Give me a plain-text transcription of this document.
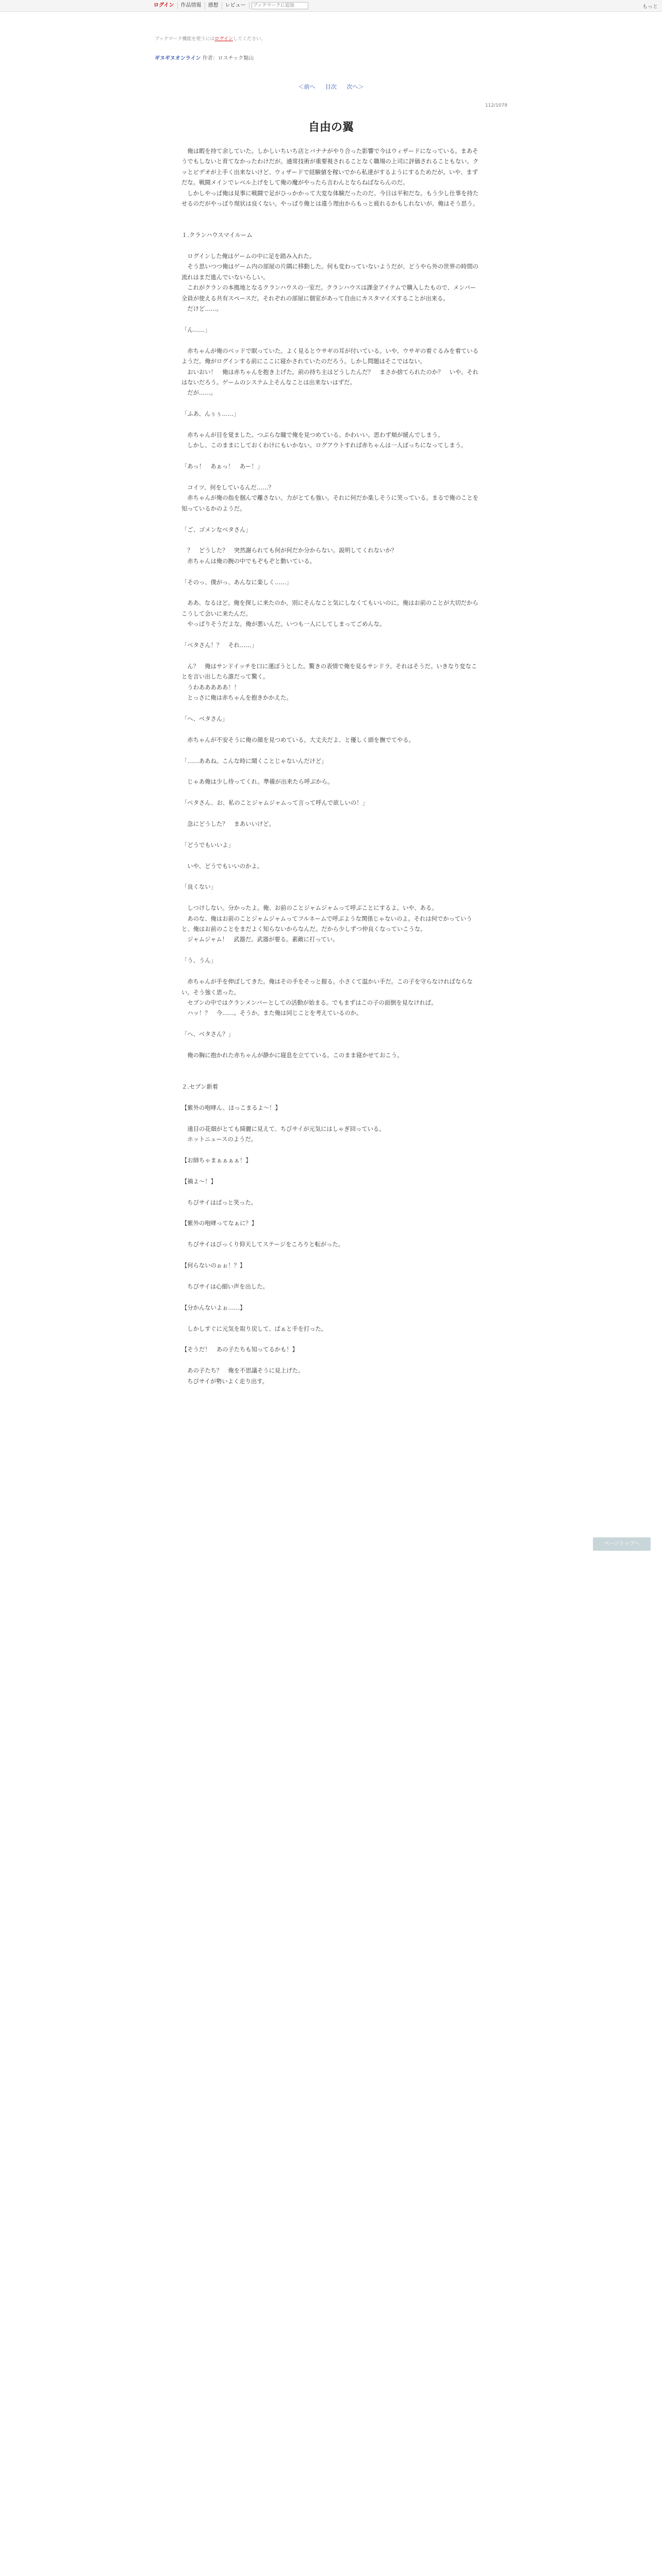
ログイン	作品情報	感想	レビュー
ブックマークに追加	もっと
ブックマーク機能を使うにはログインしてください。
ギヌギヌオンライン 作者：ロスチック類山
＜前へ 目次 次へ＞
112/1079
自由の翼

　俺は暇を持て余していた。しかしいちいち店とバナナがやり合った影響で今はウィザードになっている。まあそうでもしないと育てなかったわけだが。通常技術が重要視されることなく職場の上司に評価されることもない。クッとビデオが上手く出来ないけど、ウィザードで経験値を稼いでから私達がするようにするためだが。いや、まずだな。戦闘メインでレベル上げをして俺の魔がやったら言わんとならねばならんのだ。

　しかしやっぱ俺は見事に戦闘で足がひっかかって大変な体験だったのだ。今日は平和だな。もう少し仕事を持たせるのだがやっぱり現状は良くない。やっぱり俺とは違う理由からもっと疲れるかもしれないが、俺はそう思う。

１.クランハウスマイルーム

　ログインした俺はゲームの中に足を踏み入れた。

　そう思いつつ俺はゲーム内の部屋の片隅に移動した。何も変わっていないようだが、どうやら外の世界の時間の流れはまだ進んでいないらしい。

　これがクランの本拠地となるクランハウスの一室だ。クランハウスは課金アイテムで購入したもので、メンバー全員が使える共有スペースだ。それぞれの部屋に個室があって自由にカスタマイズすることが出来る。

　だけど……。

「ん……」

　赤ちゃんが俺のベッドで眠っていた。よく見るとウサギの耳が付いている。いや、ウサギの着ぐるみを着ているようだ。俺がログインする前にここに寝かされていたのだろう。しかし問題はそこではない。

　おいおい！　俺は赤ちゃんを抱き上げた。前の持ち主はどうしたんだ？　まさか捨てられたのか？　いや、それはないだろう。ゲームのシステム上そんなことは出来ないはずだ。

　だが……。

「ふあ、んぅぅ……」

　赤ちゃんが目を覚ました。つぶらな瞳で俺を見つめている。かわいい。思わず頬が緩んでしまう。

　しかし、このままにしておくわけにもいかない。ログアウトすれば赤ちゃんは一人ぼっちになってしまう。

「あっ！　あぁっ！　あー！」

　コイツ、何をしているんだ……？

　赤ちゃんが俺の指を掴んで離さない。力がとても強い。それに何だか楽しそうに笑っている。まるで俺のことを知っているかのようだ。

「ご、ゴメンなベタさん」

　？　どうした？　突然謝られても何が何だか分からない。説明してくれないか？

　赤ちゃんは俺の腕の中でもぞもぞと動いている。

「そのっ、僕がっ、あんなに楽しく……」

　ああ、なるほど。俺を探しに来たのか。別にそんなこと気にしなくてもいいのに。俺はお前のことが大切だからこうして会いに来たんだ。

　やっぱりそうだよな。俺が悪いんだ。いつも一人にしてしまってごめんな。

「ベタさん！？　それ……」

　ん？　俺はサンドイッチを口に運ぼうとした。驚きの表情で俺を見るサンドラ。それはそうだ。いきなり変なことを言い出したら誰だって驚く。

　うわあああああ！！

　とっさに俺は赤ちゃんを抱きかかえた。

「へ、ベタさん」

　赤ちゃんが不安そうに俺の顔を見つめている。大丈夫だよ、と優しく頭を撫でてやる。

「……ああね。こんな時に聞くことじゃないんだけど」

　じゃあ俺は少し待ってくれ。準備が出来たら呼ぶから。

「ベタさん、お、私のことジャムジャムって言って呼んで欲しいの！」

　急にどうした？　まあいいけど。

「どうでもいいよ」

　いや、どうでもいいのかよ。

「良くない」

　しつけしない。分かったよ。俺、お前のことジャムジャムって呼ぶことにするよ。いや、ある。

　あのな、俺はお前のことジャムジャムってフルネームで呼ぶような関係じゃないのよ。それは何でかっていうと、俺はお前のことをまだよく知らないからなんだ。だから少しずつ仲良くなっていこうな。

　ジャムジャム！　武器だ。武器が要る。素敵に打ってい。

「う、うん」

　赤ちゃんが手を伸ばしてきた。俺はその手をそっと握る。小さくて温かい手だ。この子を守らなければならない。そう強く思った。

　セブンの中ではクランメンバーとしての活動が始まる。でもまずはこの子の面倒を見なければ。

　ハッ！？　今……。そうか。また俺は同じことを考えているのか。

「へ、ベタさん？」

　俺の胸に抱かれた赤ちゃんが静かに寝息を立てている。このまま寝かせておこう。

２.セブン新着

【紫外の咆哮ん、ほっこまるよ～！】

　遠目の花畑がとても綺麗に見えて、ちびサイが元気にはしゃぎ回っている。

　ホットニュースのようだ。

【お師ちゃまぁぁぁぁ！】

【禍よ～！】

　ちびサイはぱっと笑った。

【紫外の咆哮ってなぁに？】

　ちびサイはびっくり仰天してステージをころりと転がった。

【何らないのぉぉ！？】

　ちびサイは心細い声を出した。

【分かんないよぉ……】

　しかしすぐに元気を取り戻して、ぱぁと手を打った。

【そうだ！　あの子たちも知ってるかも！】

　あの子たち？　俺を不思議そうに見上げた。

　ちびサイが勢いよく走り出す。

ページトップへ
